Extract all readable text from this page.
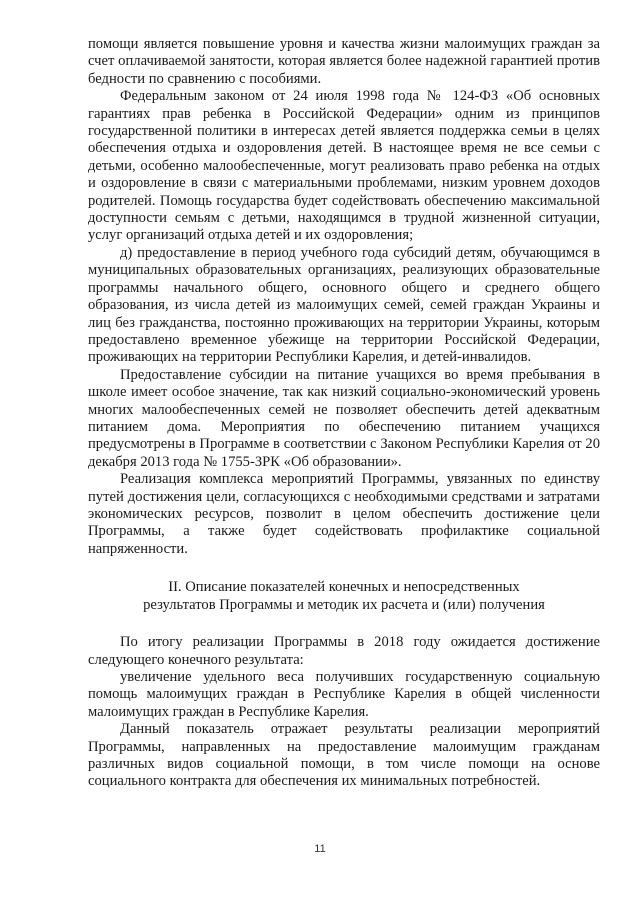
помощи является повышение уровня и качества жизни малоимущих граждан за счет оплачиваемой занятости, которая является более надежной гарантией против бедности по сравнению с пособиями.

Федеральным законом от 24 июля 1998 года № 124-ФЗ «Об основных гарантиях прав ребенка в Российской Федерации» одним из принципов государственной политики в интересах детей является поддержка семьи в целях обеспечения отдыха и оздоровления детей. В настоящее время не все семьи с детьми, особенно малообеспеченные, могут реализовать право ребенка на отдых и оздоровление в связи с материальными проблемами, низким уровнем доходов родителей. Помощь государства будет содействовать обеспечению максимальной доступности семьям с детьми, находящимся в трудной жизненной ситуации, услуг организаций отдыха детей и их оздоровления;

д) предоставление в период учебного года субсидий детям, обучающимся в муниципальных образовательных организациях, реализующих образовательные программы начального общего, основного общего и среднего общего образования, из числа детей из малоимущих семей, семей граждан Украины и лиц без гражданства, постоянно проживающих на территории Украины, которым предоставлено временное убежище на территории Российской Федерации, проживающих на территории Республики Карелия, и детей-инвалидов.

Предоставление субсидии на питание учащихся во время пребывания в школе имеет особое значение, так как низкий социально-экономический уровень многих малообеспеченных семей не позволяет обеспечить детей адекватным питанием дома. Мероприятия по обеспечению питанием учащихся предусмотрены в Программе в соответствии с Законом Республики Карелия от 20 декабря 2013 года № 1755-ЗРК «Об образовании».

Реализация комплекса мероприятий Программы, увязанных по единству путей достижения цели, согласующихся с необходимыми средствами и затратами экономических ресурсов, позволит в целом обеспечить достижение цели Программы, а также будет содействовать профилактике социальной напряженности.

II. Описание показателей конечных и непосредственных
результатов Программы и методик их расчета и (или) получения

По итогу реализации Программы в 2018 году ожидается достижение следующего конечного результата:

увеличение удельного веса получивших государственную социальную помощь малоимущих граждан в Республике Карелия в общей численности малоимущих граждан в Республике Карелия.

Данный показатель отражает результаты реализации мероприятий Программы, направленных на предоставление малоимущим гражданам различных видов социальной помощи, в том числе помощи на основе социального контракта для обеспечения их минимальных потребностей.

11
